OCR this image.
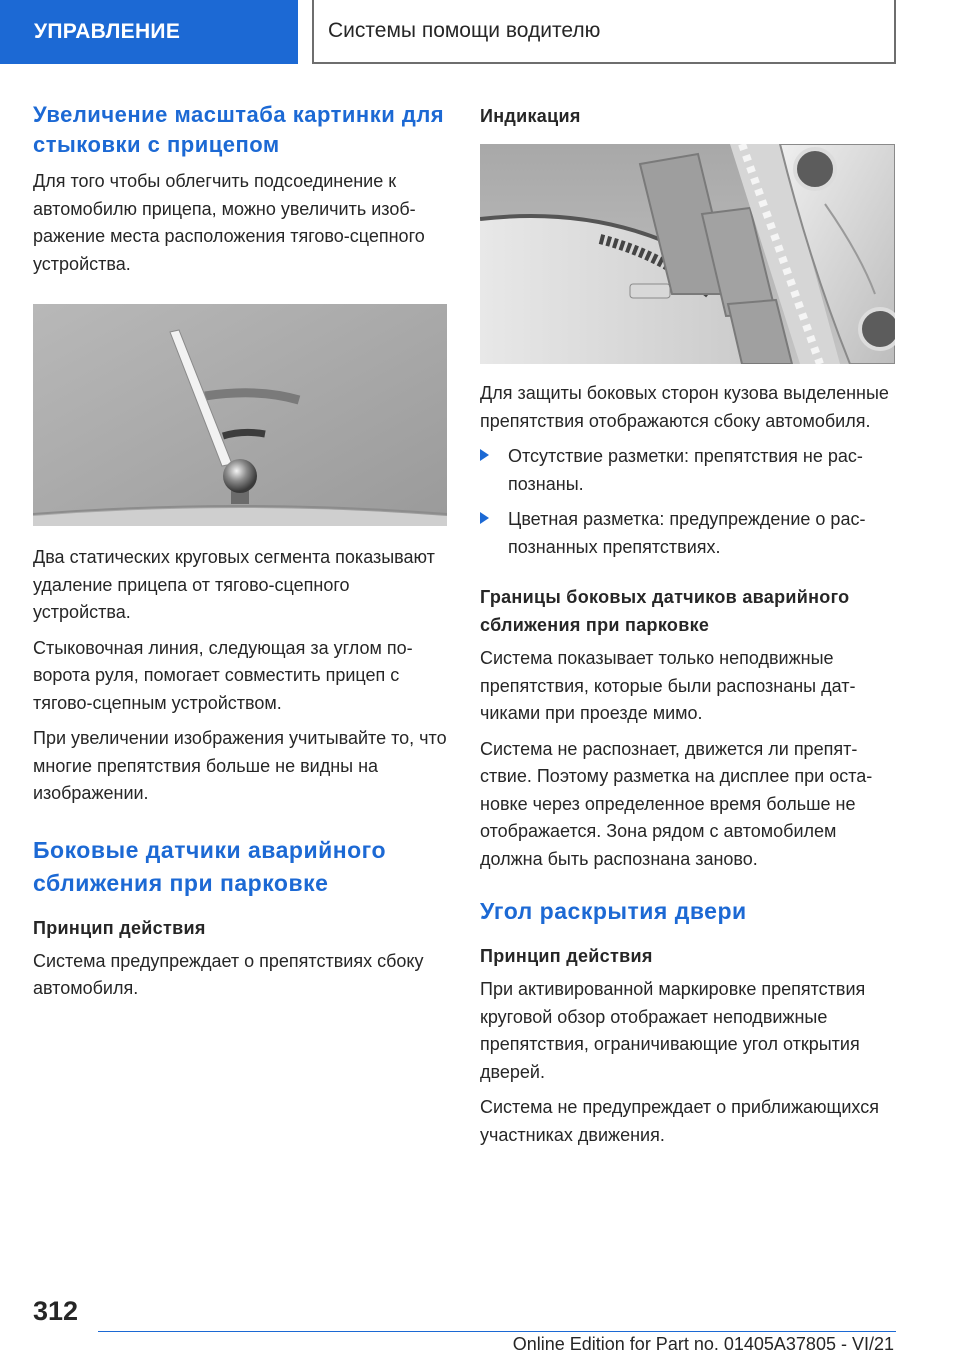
УПРАВЛЕНИЕ	Системы помощи водителю
Увеличение масштаба картинки для стыковки с прицепом

Для того чтобы облегчить подсоединение к автомобилю прицепа, можно увеличить изображение места расположения тягово-сцепного устройства.

Два статических круговых сегмента показывают удаление прицепа от тягово-сцепного устройства.

Стыковочная линия, следующая за углом поворота руля, помогает совместить прицеп с тягово-сцепным устройством.

При увеличении изображения учитывайте то, что многие препятствия больше не видны на изображении.

Боковые датчики аварийного сближения при парковке
Принцип действия

Система предупреждает о препятствиях сбоку автомобиля.

Индикация

Для защиты боковых сторон кузова выделенные препятствия отображаются сбоку автомобиля.

Отсутствие разметки: препятствия не распознаны.
Цветная разметка: предупреждение о распознанных препятствиях.
Границы боковых датчиков аварийного сближения при парковке

Система показывает только неподвижные препятствия, которые были распознаны датчиками при проезде мимо.

Система не распознает, движется ли препятствие. Поэтому разметка на дисплее при остановке через определенное время больше не отображается. Зона рядом с автомобилем должна быть распознана заново.

Угол раскрытия двери
Принцип действия

При активированной маркировке препятствия круговой обзор отображает неподвижные препятствия, ограничивающие угол открытия дверей.

Система не предупреждает о приближающихся участниках движения.

312
Online Edition for Part no. 01405A37805 - VI/21
